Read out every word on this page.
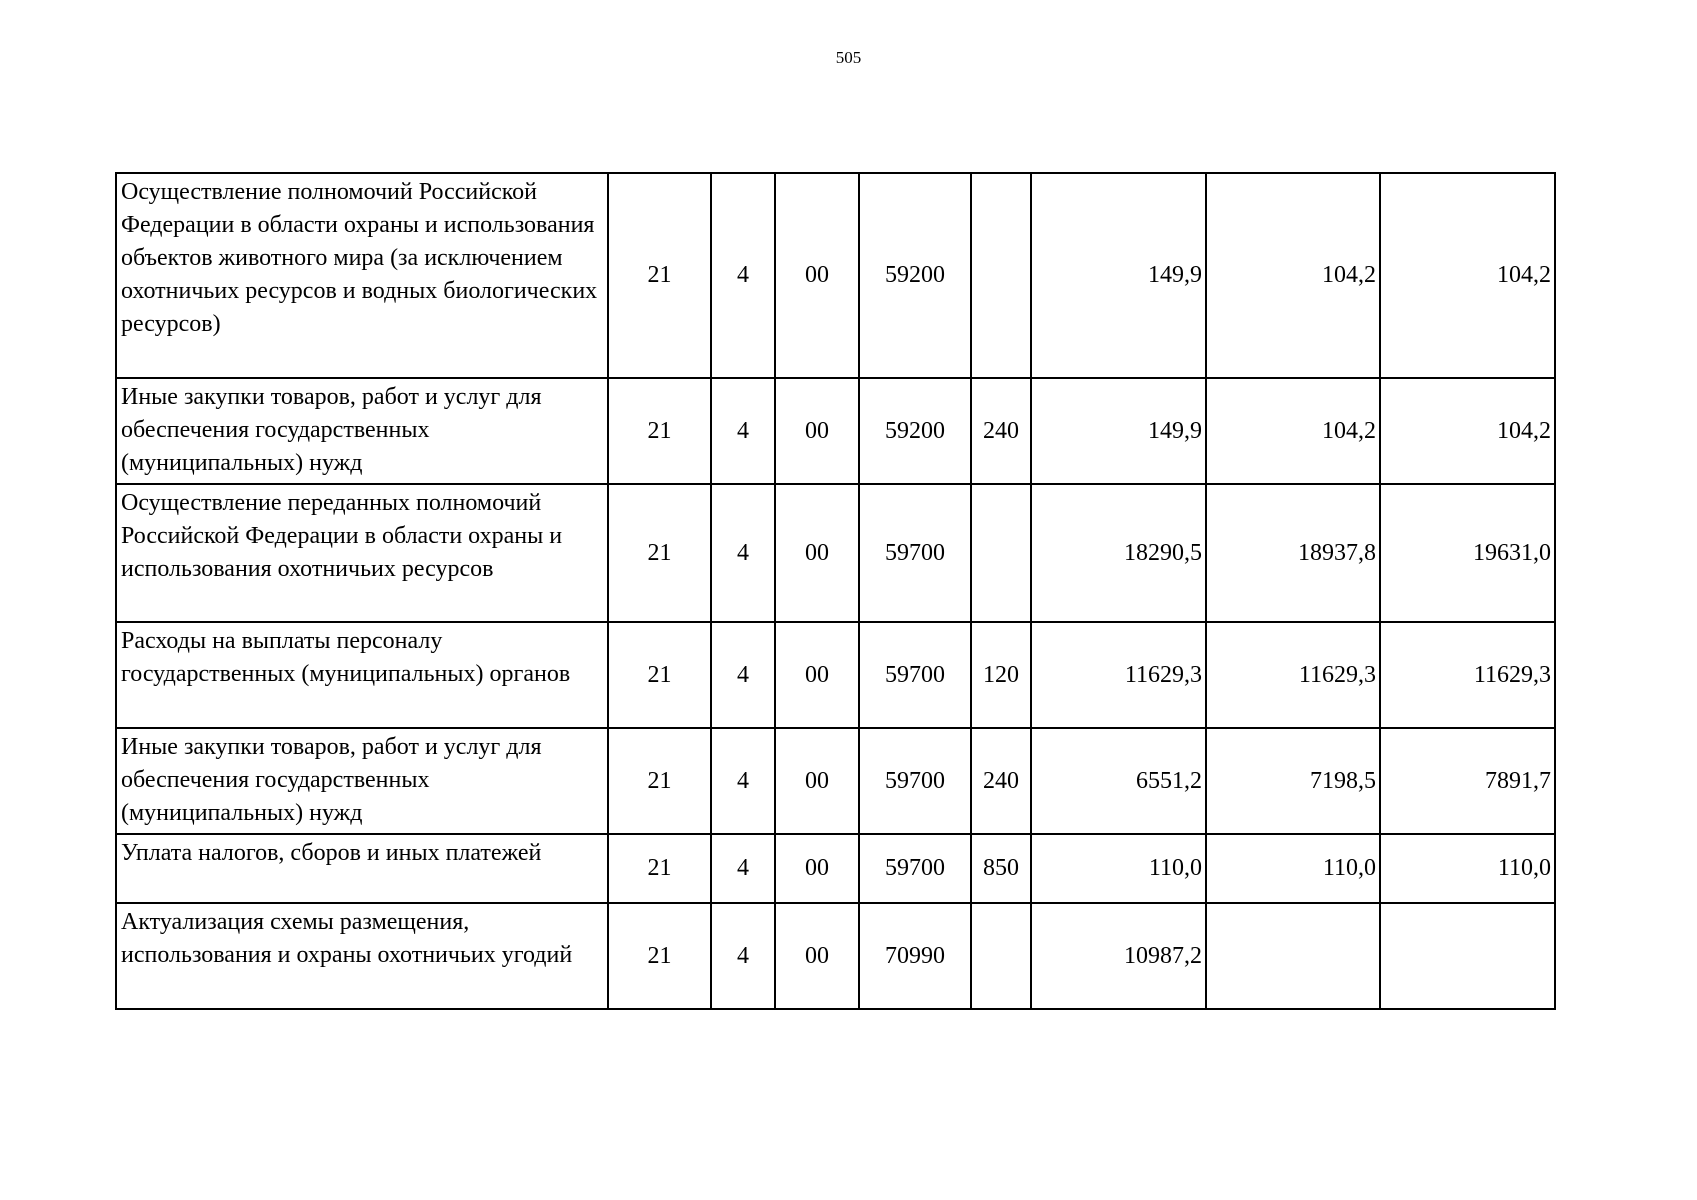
505
Осуществление полномочий Российской Федерации в области охраны и использования объектов животного мира (за исключением охотничьих ресурсов и водных биологических ресурсов)	21	4	00	59200		149,9	104,2	104,2
Иные закупки товаров, работ и услуг для обеспечения государственных (муниципальных) нужд	21	4	00	59200	240	149,9	104,2	104,2
Осуществление переданных полномочий Российской Федерации в области охраны и использования охотничьих ресурсов	21	4	00	59700		18290,5	18937,8	19631,0
Расходы на выплаты персоналу государственных (муниципальных) органов	21	4	00	59700	120	11629,3	11629,3	11629,3
Иные закупки товаров, работ и услуг для обеспечения государственных (муниципальных) нужд	21	4	00	59700	240	6551,2	7198,5	7891,7
Уплата налогов, сборов и иных платежей	21	4	00	59700	850	110,0	110,0	110,0
Актуализация схемы размещения, использования и охраны охотничьих угодий	21	4	00	70990		10987,2		
